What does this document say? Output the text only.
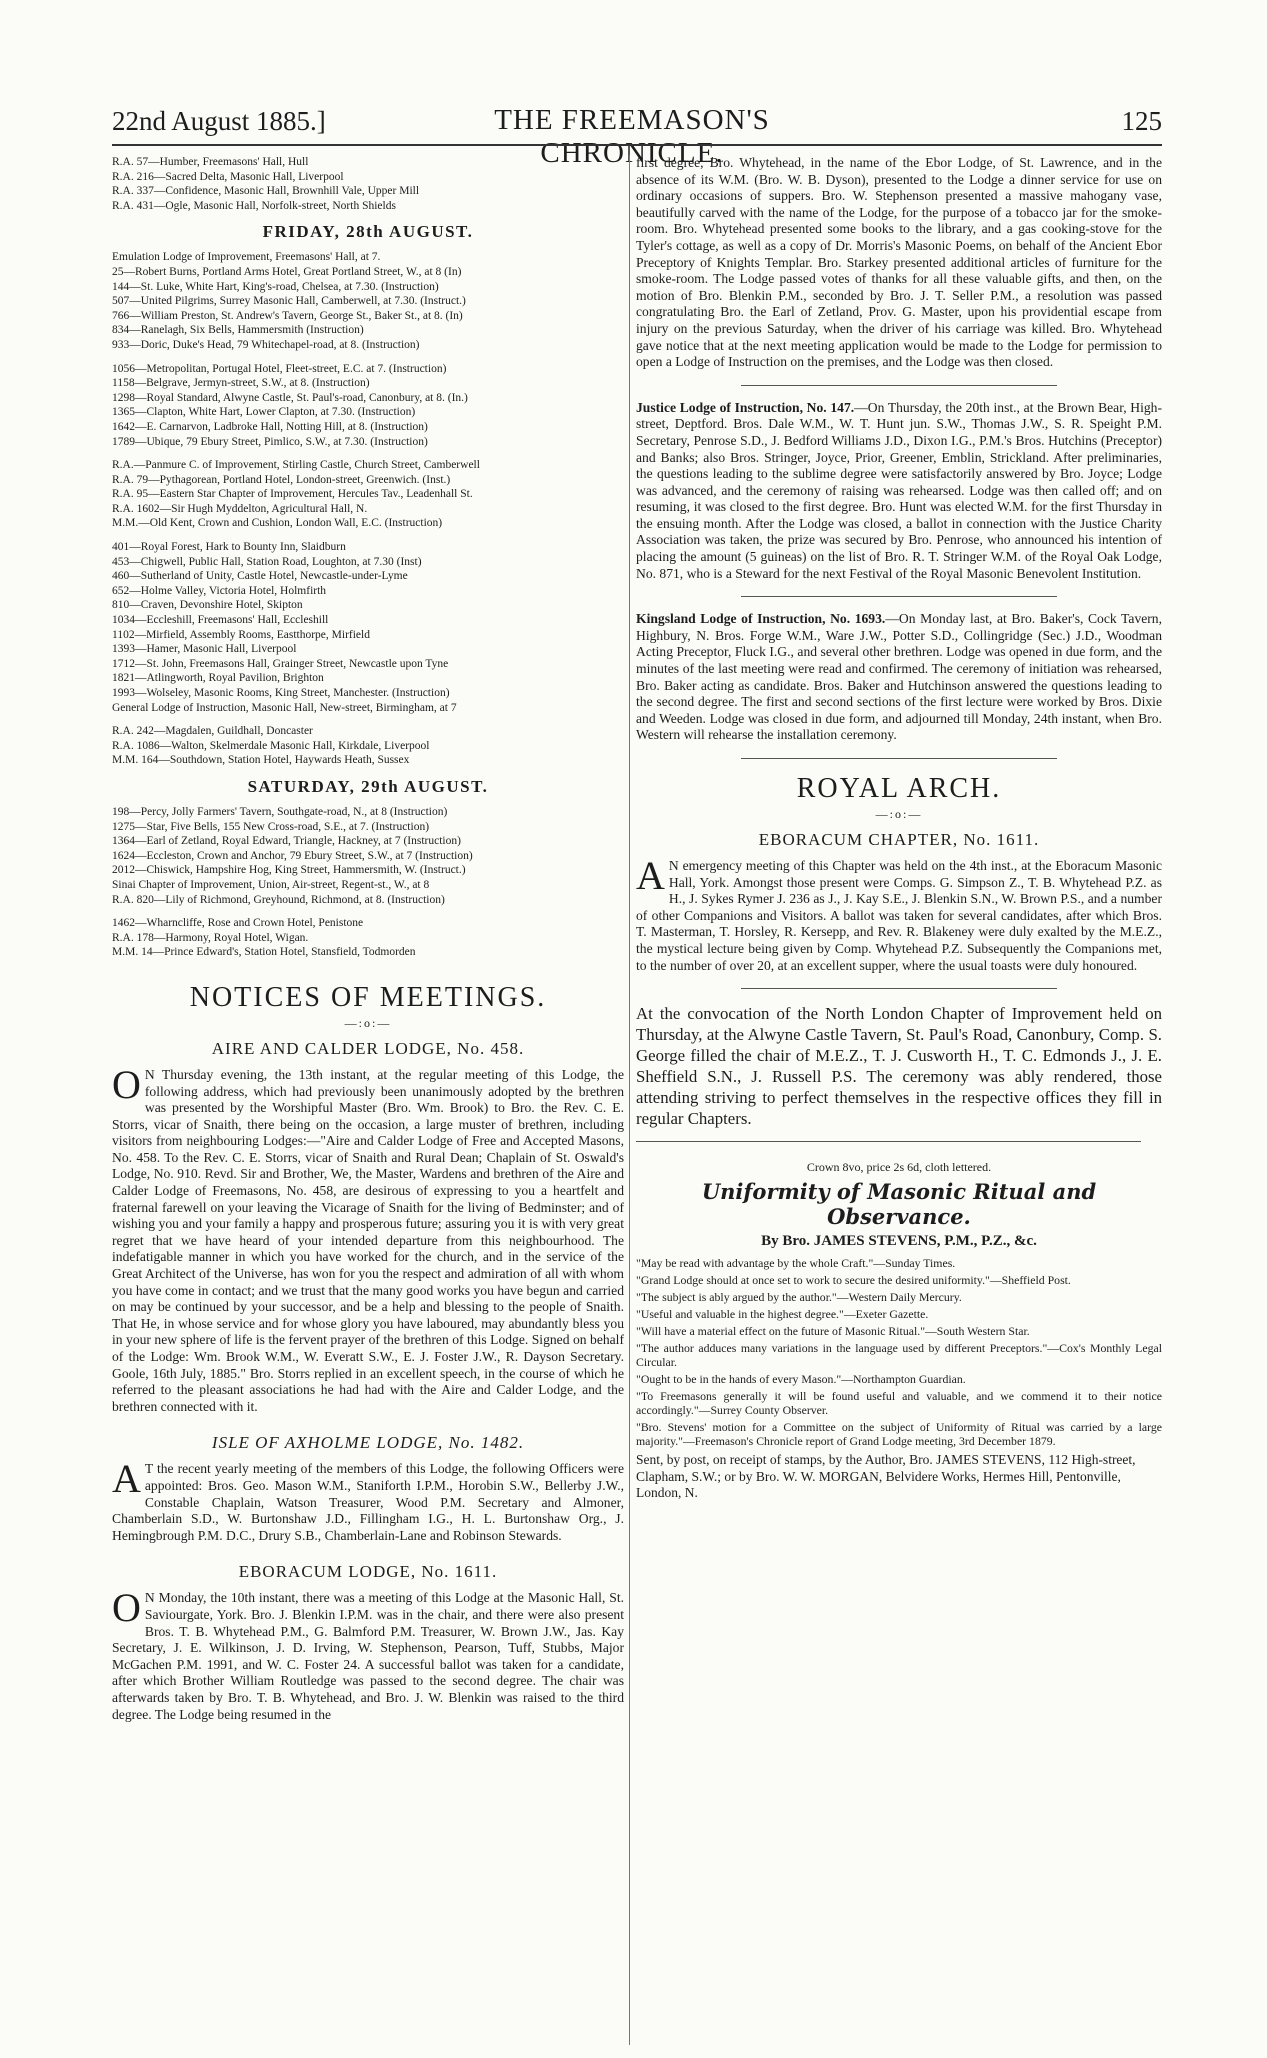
22nd August 1885.]	THE FREEMASON'S CHRONICLE.
125

R.A. 57—Humber, Freemasons' Hall, Hull

R.A. 216—Sacred Delta, Masonic Hall, Liverpool

R.A. 337—Confidence, Masonic Hall, Brownhill Vale, Upper Mill

R.A. 431—Ogle, Masonic Hall, Norfolk-street, North Shields

FRIDAY, 28th AUGUST.

Emulation Lodge of Improvement, Freemasons' Hall, at 7.

25—Robert Burns, Portland Arms Hotel, Great Portland Street, W., at 8 (In)

144—St. Luke, White Hart, King's-road, Chelsea, at 7.30. (Instruction)

507—United Pilgrims, Surrey Masonic Hall, Camberwell, at 7.30. (Instruct.)

766—William Preston, St. Andrew's Tavern, George St., Baker St., at 8. (In)

834—Ranelagh, Six Bells, Hammersmith (Instruction)

933—Doric, Duke's Head, 79 Whitechapel-road, at 8. (Instruction)

1056—Metropolitan, Portugal Hotel, Fleet-street, E.C. at 7. (Instruction)

1158—Belgrave, Jermyn-street, S.W., at 8. (Instruction)

1298—Royal Standard, Alwyne Castle, St. Paul's-road, Canonbury, at 8. (In.)

1365—Clapton, White Hart, Lower Clapton, at 7.30. (Instruction)

1642—E. Carnarvon, Ladbroke Hall, Notting Hill, at 8. (Instruction)

1789—Ubique, 79 Ebury Street, Pimlico, S.W., at 7.30. (Instruction)

R.A.—Panmure C. of Improvement, Stirling Castle, Church Street, Camberwell

R.A. 79—Pythagorean, Portland Hotel, London-street, Greenwich. (Inst.)

R.A. 95—Eastern Star Chapter of Improvement, Hercules Tav., Leadenhall St.

R.A. 1602—Sir Hugh Myddelton, Agricultural Hall, N.

M.M.—Old Kent, Crown and Cushion, London Wall, E.C. (Instruction)

401—Royal Forest, Hark to Bounty Inn, Slaidburn

453—Chigwell, Public Hall, Station Road, Loughton, at 7.30 (Inst)

460—Sutherland of Unity, Castle Hotel, Newcastle-under-Lyme

652—Holme Valley, Victoria Hotel, Holmfirth

810—Craven, Devonshire Hotel, Skipton

1034—Eccleshill, Freemasons' Hall, Eccleshill

1102—Mirfield, Assembly Rooms, Eastthorpe, Mirfield

1393—Hamer, Masonic Hall, Liverpool

1712—St. John, Freemasons Hall, Grainger Street, Newcastle upon Tyne

1821—Atlingworth, Royal Pavilion, Brighton

1993—Wolseley, Masonic Rooms, King Street, Manchester. (Instruction)

General Lodge of Instruction, Masonic Hall, New-street, Birmingham, at 7

R.A. 242—Magdalen, Guildhall, Doncaster

R.A. 1086—Walton, Skelmerdale Masonic Hall, Kirkdale, Liverpool

M.M. 164—Southdown, Station Hotel, Haywards Heath, Sussex

SATURDAY, 29th AUGUST.

198—Percy, Jolly Farmers' Tavern, Southgate-road, N., at 8 (Instruction)

1275—Star, Five Bells, 155 New Cross-road, S.E., at 7. (Instruction)

1364—Earl of Zetland, Royal Edward, Triangle, Hackney, at 7 (Instruction)

1624—Eccleston, Crown and Anchor, 79 Ebury Street, S.W., at 7 (Instruction)

2012—Chiswick, Hampshire Hog, King Street, Hammersmith, W. (Instruct.)

Sinai Chapter of Improvement, Union, Air-street, Regent-st., W., at 8

R.A. 820—Lily of Richmond, Greyhound, Richmond, at 8. (Instruction)

1462—Wharncliffe, Rose and Crown Hotel, Penistone

R.A. 178—Harmony, Royal Hotel, Wigan.

M.M. 14—Prince Edward's, Station Hotel, Stansfield, Todmorden

NOTICES OF MEETINGS.
—:o:—
AIRE AND CALDER LODGE, No. 458.
O N Thursday evening, the 13th instant, at the regular meeting of this Lodge, the following address, which had previously been unanimously adopted by the brethren was presented by the Worshipful Master (Bro. Wm. Brook) to Bro. the Rev. C. E. Storrs, vicar of Snaith, there being on the occasion, a large muster of brethren, including visitors from neighbouring Lodges:—"Aire and Calder Lodge of Free and Accepted Masons, No. 458. To the Rev. C. E. Storrs, vicar of Snaith and Rural Dean; Chaplain of St. Oswald's Lodge, No. 910. Revd. Sir and Brother, We, the Master, Wardens and brethren of the Aire and Calder Lodge of Freemasons, No. 458, are desirous of expressing to you a heartfelt and fraternal farewell on your leaving the Vicarage of Snaith for the living of Bedminster; and of wishing you and your family a happy and prosperous future; assuring you it is with very great regret that we have heard of your intended departure from this neighbourhood. The indefatigable manner in which you have worked for the church, and in the service of the Great Architect of the Universe, has won for you the respect and admiration of all with whom you have come in contact; and we trust that the many good works you have begun and carried on may be continued by your successor, and be a help and blessing to the people of Snaith. That He, in whose service and for whose glory you have laboured, may abundantly bless you in your new sphere of life is the fervent prayer of the brethren of this Lodge. Signed on behalf of the Lodge: Wm. Brook W.M., W. Everatt S.W., E. J. Foster J.W., R. Dayson Secretary. Goole, 16th July, 1885." Bro. Storrs replied in an excellent speech, in the course of which he referred to the pleasant associations he had had with the Aire and Calder Lodge, and the brethren connected with it.
ISLE OF AXHOLME LODGE, No. 1482.
A T the recent yearly meeting of the members of this Lodge, the following Officers were appointed: Bros. Geo. Mason W.M., Staniforth I.P.M., Horobin S.W., Bellerby J.W., Constable Chaplain, Watson Treasurer, Wood P.M. Secretary and Almoner, Chamberlain S.D., W. Burtonshaw J.D., Fillingham I.G., H. L. Burtonshaw Org., J. Hemingbrough P.M. D.C., Drury S.B., Chamberlain-Lane and Robinson Stewards.
EBORACUM LODGE, No. 1611.
O N Monday, the 10th instant, there was a meeting of this Lodge at the Masonic Hall, St. Saviourgate, York. Bro. J. Blenkin I.P.M. was in the chair, and there were also present Bros. T. B. Whytehead P.M., G. Balmford P.M. Treasurer, W. Brown J.W., Jas. Kay Secretary, J. E. Wilkinson, J. D. Irving, W. Stephenson, Pearson, Tuff, Stubbs, Major McGachen P.M. 1991, and W. C. Foster 24. A successful ballot was taken for a candidate, after which Brother William Routledge was passed to the second degree. The chair was afterwards taken by Bro. T. B. Whytehead, and Bro. J. W. Blenkin was raised to the third degree. The Lodge being resumed in the

first degree, Bro. Whytehead, in the name of the Ebor Lodge, of St. Lawrence, and in the absence of its W.M. (Bro. W. B. Dyson), presented to the Lodge a dinner service for use on ordinary occasions of suppers. Bro. W. Stephenson presented a massive mahogany vase, beautifully carved with the name of the Lodge, for the purpose of a tobacco jar for the smoke-room. Bro. Whytehead presented some books to the library, and a gas cooking-stove for the Tyler's cottage, as well as a copy of Dr. Morris's Masonic Poems, on behalf of the Ancient Ebor Preceptory of Knights Templar. Bro. Starkey presented additional articles of furniture for the smoke-room. The Lodge passed votes of thanks for all these valuable gifts, and then, on the motion of Bro. Blenkin P.M., seconded by Bro. J. T. Seller P.M., a resolution was passed congratulating Bro. the Earl of Zetland, Prov. G. Master, upon his providential escape from injury on the previous Saturday, when the driver of his carriage was killed. Bro. Whytehead gave notice that at the next meeting application would be made to the Lodge for permission to open a Lodge of Instruction on the premises, and the Lodge was then closed.

Justice Lodge of Instruction, No. 147.—On Thursday, the 20th inst., at the Brown Bear, High-street, Deptford. Bros. Dale W.M., W. T. Hunt jun. S.W., Thomas J.W., S. R. Speight P.M. Secretary, Penrose S.D., J. Bedford Williams J.D., Dixon I.G., P.M.'s Bros. Hutchins (Preceptor) and Banks; also Bros. Stringer, Joyce, Prior, Greener, Emblin, Strickland. After preliminaries, the questions leading to the sublime degree were satisfactorily answered by Bro. Joyce; Lodge was advanced, and the ceremony of raising was rehearsed. Lodge was then called off; and on resuming, it was closed to the first degree. Bro. Hunt was elected W.M. for the first Thursday in the ensuing month. After the Lodge was closed, a ballot in connection with the Justice Charity Association was taken, the prize was secured by Bro. Penrose, who announced his intention of placing the amount (5 guineas) on the list of Bro. R. T. Stringer W.M. of the Royal Oak Lodge, No. 871, who is a Steward for the next Festival of the Royal Masonic Benevolent Institution.

Kingsland Lodge of Instruction, No. 1693.—On Monday last, at Bro. Baker's, Cock Tavern, Highbury, N. Bros. Forge W.M., Ware J.W., Potter S.D., Collingridge (Sec.) J.D., Woodman Acting Preceptor, Fluck I.G., and several other brethren. Lodge was opened in due form, and the minutes of the last meeting were read and confirmed. The ceremony of initiation was rehearsed, Bro. Baker acting as candidate. Bros. Baker and Hutchinson answered the questions leading to the second degree. The first and second sections of the first lecture were worked by Bros. Dixie and Weeden. Lodge was closed in due form, and adjourned till Monday, 24th instant, when Bro. Western will rehearse the installation ceremony.

ROYAL ARCH.
—:o:—
EBORACUM CHAPTER, No. 1611.
A N emergency meeting of this Chapter was held on the 4th inst., at the Eboracum Masonic Hall, York. Amongst those present were Comps. G. Simpson Z., T. B. Whytehead P.Z. as H., J. Sykes Rymer J. 236 as J., J. Kay S.E., J. Blenkin S.N., W. Brown P.S., and a number of other Companions and Visitors. A ballot was taken for several candidates, after which Bros. T. Masterman, T. Horsley, R. Kersepp, and Rev. R. Blakeney were duly exalted by the M.E.Z., the mystical lecture being given by Comp. Whytehead P.Z. Subsequently the Companions met, to the number of over 20, at an excellent supper, where the usual toasts were duly honoured.

At the convocation of the North London Chapter of Improvement held on Thursday, at the Alwyne Castle Tavern, St. Paul's Road, Canonbury, Comp. S. George filled the chair of M.E.Z., T. J. Cusworth H., T. C. Edmonds J., J. E. Sheffield S.N., J. Russell P.S. The ceremony was ably rendered, those attending striving to perfect themselves in the respective offices they fill in regular Chapters.

Crown 8vo, price 2s 6d, cloth lettered.
Uniformity of Masonic Ritual and Observance.
By Bro. JAMES STEVENS, P.M., P.Z., &c.

"May be read with advantage by the whole Craft."—Sunday Times.

"Grand Lodge should at once set to work to secure the desired uniformity."—Sheffield Post.

"The subject is ably argued by the author."—Western Daily Mercury.

"Useful and valuable in the highest degree."—Exeter Gazette.

"Will have a material effect on the future of Masonic Ritual."—South Western Star.

"The author adduces many variations in the language used by different Preceptors."—Cox's Monthly Legal Circular.

"Ought to be in the hands of every Mason."—Northampton Guardian.

"To Freemasons generally it will be found useful and valuable, and we commend it to their notice accordingly."—Surrey County Observer.

"Bro. Stevens' motion for a Committee on the subject of Uniformity of Ritual was carried by a large majority."—Freemason's Chronicle report of Grand Lodge meeting, 3rd December 1879.

Sent, by post, on receipt of stamps, by the Author, Bro. JAMES STEVENS, 112 High-street, Clapham, S.W.; or by Bro. W. W. MORGAN, Belvidere Works, Hermes Hill, Pentonville, London, N.
